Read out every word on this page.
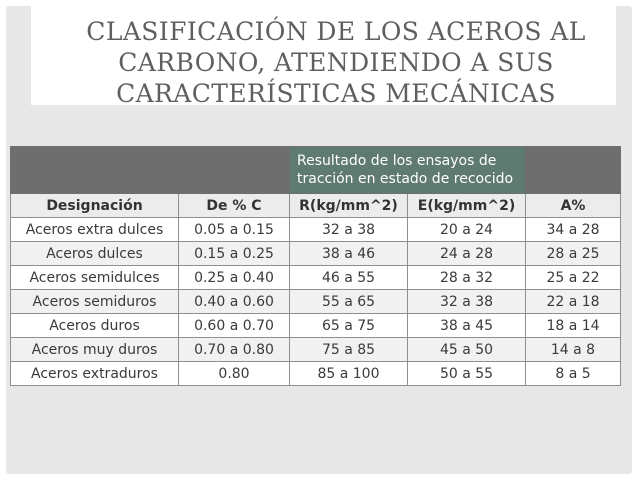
CLASIFICACIÓN DE LOS ACEROS AL
CARBONO, ATENDIENDO A SUS
CARACTERÍSTICAS MECÁNICAS
		Resultado de los ensayos de tracción en estado de recocido		
Designación	De % C	R(kg/mm^2)	E(kg/mm^2)	A%
Aceros extra dulces	0.05 a 0.15	32 a 38	20 a 24	34 a 28
Aceros dulces	0.15 a 0.25	38 a 46	24 a 28	28 a 25
Aceros semidulces	0.25 a 0.40	46 a 55	28 a 32	25 a 22
Aceros semiduros	0.40 a 0.60	55 a 65	32 a 38	22 a 18
Aceros duros	0.60 a 0.70	65 a 75	38 a 45	18 a 14
Aceros muy duros	0.70 a 0.80	75 a 85	45 a 50	14 a 8
Aceros extraduros	0.80	85 a 100	50 a 55	8 a 5
